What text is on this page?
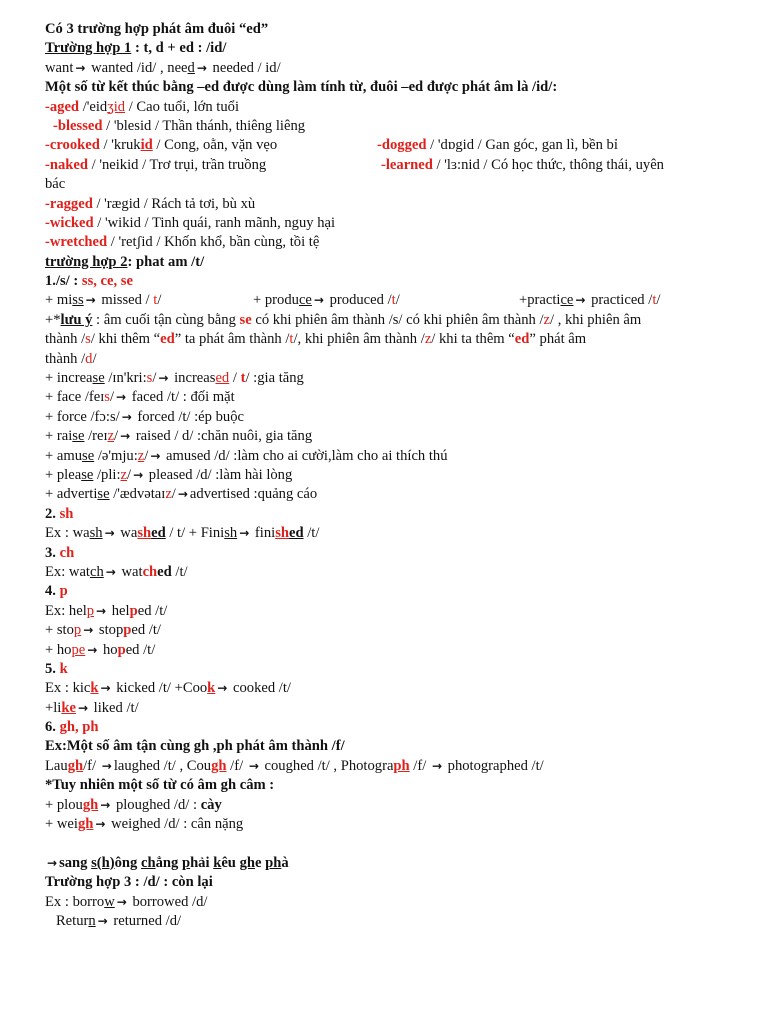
Có 3 trường hợp phát âm đuôi “ed”
Trường hợp 1 : t, d + ed : /id/
want → wanted /id/ , need → needed / id/
Một số từ kết thúc bằng –ed được dùng làm tính từ, đuôi –ed được phát âm là /id/:
-aged /'eidʒid / Cao tuổi, lớn tuổi
-blessed / 'blesid / Thần thánh, thiêng liêng
-crooked / 'krukid / Cong, oằn, vặn vẹo	-dogged / 'dɒgid / Gan góc, gan lì, bền bỉ
-naked / 'neikid / Trơ trụi, trần truồng	-learned / 'lɜ:nid / Có học thức, thông thái, uyên
bác
-ragged / 'rægid / Rách tả tơi, bù xù
-wicked / 'wikid / Tinh quái, ranh mãnh, nguy hại
-wretched / 'retʃid / Khốn khổ, bần cùng, tồi tệ
trường hợp 2: phat am /t/
1./s/ : ss, ce, se
+ miss → missed / t/	+ produce → produced /t/	+practice → practiced /t/
+*lưu ý : âm cuối tận cùng bằng se có khi phiên âm thành /s/ có khi phiên âm thành /z/ , khi phiên âm
thành /s/ khi thêm “ed” ta phát âm thành /t/, khi phiên âm thành /z/ khi ta thêm “ed” phát âm
thành /d/
+ increase /ɪn'kri:s/ → increased / t/ :gia tăng
+ face /feɪs/ → faced /t/ : đối mặt
+ force /fɔ:s/ → forced /t/ :ép buộc
+ raise /reɪz/ → raised / d/ :chăn nuôi, gia tăng
+ amuse /ə'mju:z/ → amused /d/ :làm cho ai cười,làm cho ai thích thú
+ please /pli:z/ → pleased /d/ :làm hài lòng
+ advertise /'ædvətaɪz/ → advertised :quảng cáo
2. sh
Ex : wash → washed / t/ + Finish → finished /t/
3. ch
Ex: watch → watched /t/
4. p
Ex: help → helped /t/
+ stop → stopped /t/
+ hope → hoped /t/
5. k
Ex : kick → kicked /t/ +Cook → cooked /t/
+like → liked /t/
6. gh, ph
Ex:Một số âm tận cùng gh ,ph phát âm thành /f/
Laugh/f/ → laughed /t/ , Cough /f/ → coughed /t/ , Photograph /f/ → photographed /t/
*Tuy nhiên một số từ có âm gh câm :
+ plough → ploughed /d/ : cày
+ weigh → weighed /d/ : cân nặng
→ sang s(h)ông chẳng phải kêu ghe phà
Trường hợp 3 : /d/ : còn lại
Ex : borrow → borrowed /d/
Return → returned /d/
